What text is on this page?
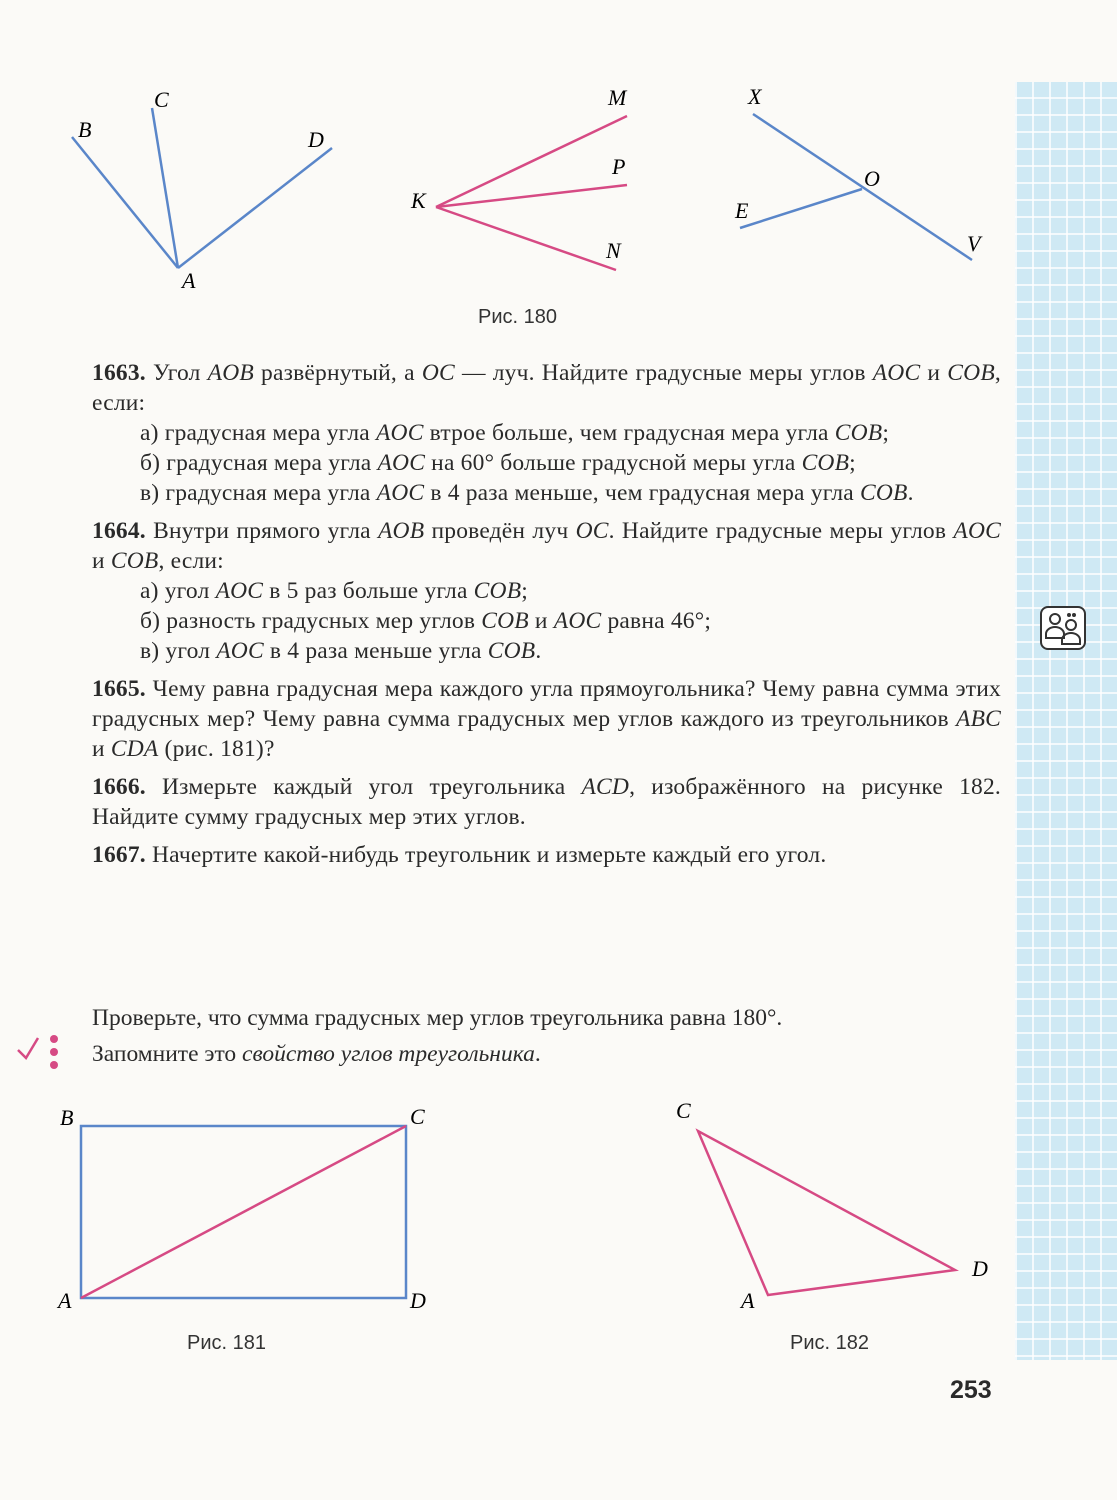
B
C
D
A
M
P
N
K
X
O
E
V
B	C
A	D
C
A
D
Рис. 180
Рис. 181	Рис. 182

1663. Угол AOB развёрнутый, а OC — луч. Найдите градусные меры углов AOC и COB, если:

а) градусная мера угла AOC втрое больше, чем градусная мера угла COB;

б) градусная мера угла AOC на 60° больше градусной меры угла COB;

в) градусная мера угла AOC в 4 раза меньше, чем градусная мера угла COB.

1664. Внутри прямого угла AOB проведён луч OC. Найдите градусные меры углов AOC и COB, если:

а) угол AOC в 5 раз больше угла COB;

б) разность градусных мер углов COB и AOC равна 46°;

в) угол AOC в 4 раза меньше угла COB.

1665. Чему равна градусная мера каждого угла прямоугольника? Чему равна сумма этих градусных мер? Чему равна сумма градусных мер углов каждого из треугольников ABC и CDA (рис. 181)?

1666. Измерьте каждый угол треугольника ACD, изображённого на рисунке 182. Найдите сумму градусных мер этих углов.

1667. Начертите какой-нибудь треугольник и измерьте каждый его угол.

Проверьте, что сумма градусных мер углов треугольника равна 180°.
Запомните это свойство углов треугольника.
253
